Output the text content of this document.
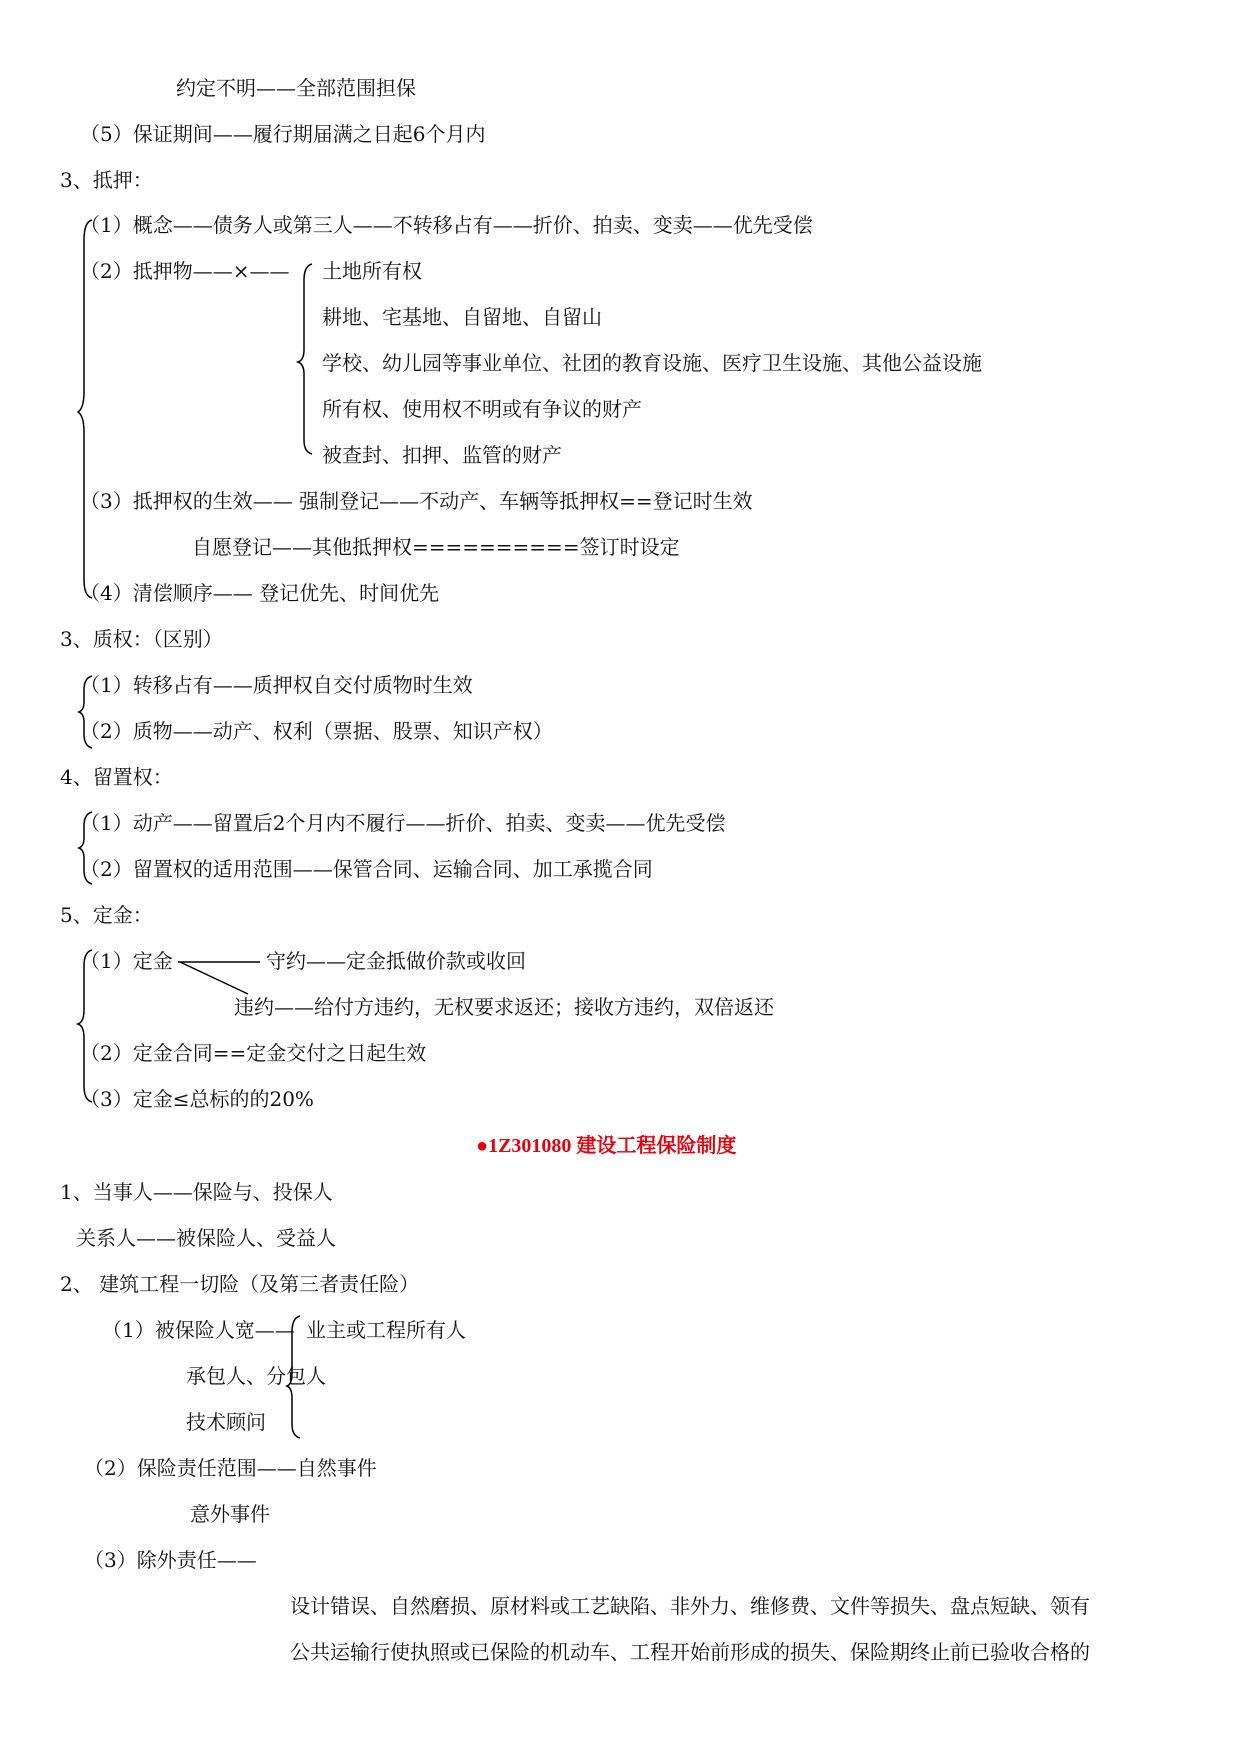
约定不明——全部范围担保
（5）保证期间——履行期届满之日起6个月内
3、抵押：
（1）概念——债务人或第三人——不转移占有——折价、拍卖、变卖——优先受偿
（2）抵押物——×—— 土地所有权
耕地、宅基地、自留地、自留山
学校、幼儿园等事业单位、社团的教育设施、医疗卫生设施、其他公益设施
所有权、使用权不明或有争议的财产
被查封、扣押、监管的财产
（3）抵押权的生效—— 强制登记——不动产、车辆等抵押权==登记时生效
自愿登记——其他抵押权==========签订时设定
（4）清偿顺序—— 登记优先、时间优先
3、质权：（区别）
（1）转移占有——质押权自交付质物时生效
（2）质物——动产、权利（票据、股票、知识产权）
4、留置权：
（1）动产——留置后2个月内不履行——折价、拍卖、变卖——优先受偿
（2）留置权的适用范围——保管合同、运输合同、加工承揽合同
5、定金：
（1）定金	守约——定金抵做价款或收回
违约——给付方违约，无权要求返还；接收方违约，双倍返还
（2）定金合同==定金交付之日起生效
（3）定金≤总标的的20%
●1Z301080 建设工程保险制度
1、当事人——保险与、投保人
关系人——被保险人、受益人
2、 建筑工程一切险（及第三者责任险）
（1）被保险人宽—— 业主或工程所有人
承包人、分包人
技术顾问
（2）保险责任范围——自然事件
意外事件
（3）除外责任——
设计错误、自然磨损、原材料或工艺缺陷、非外力、维修费、文件等损失、盘点短缺、领有
公共运输行使执照或已保险的机动车、工程开始前形成的损失、保险期终止前已验收合格的
